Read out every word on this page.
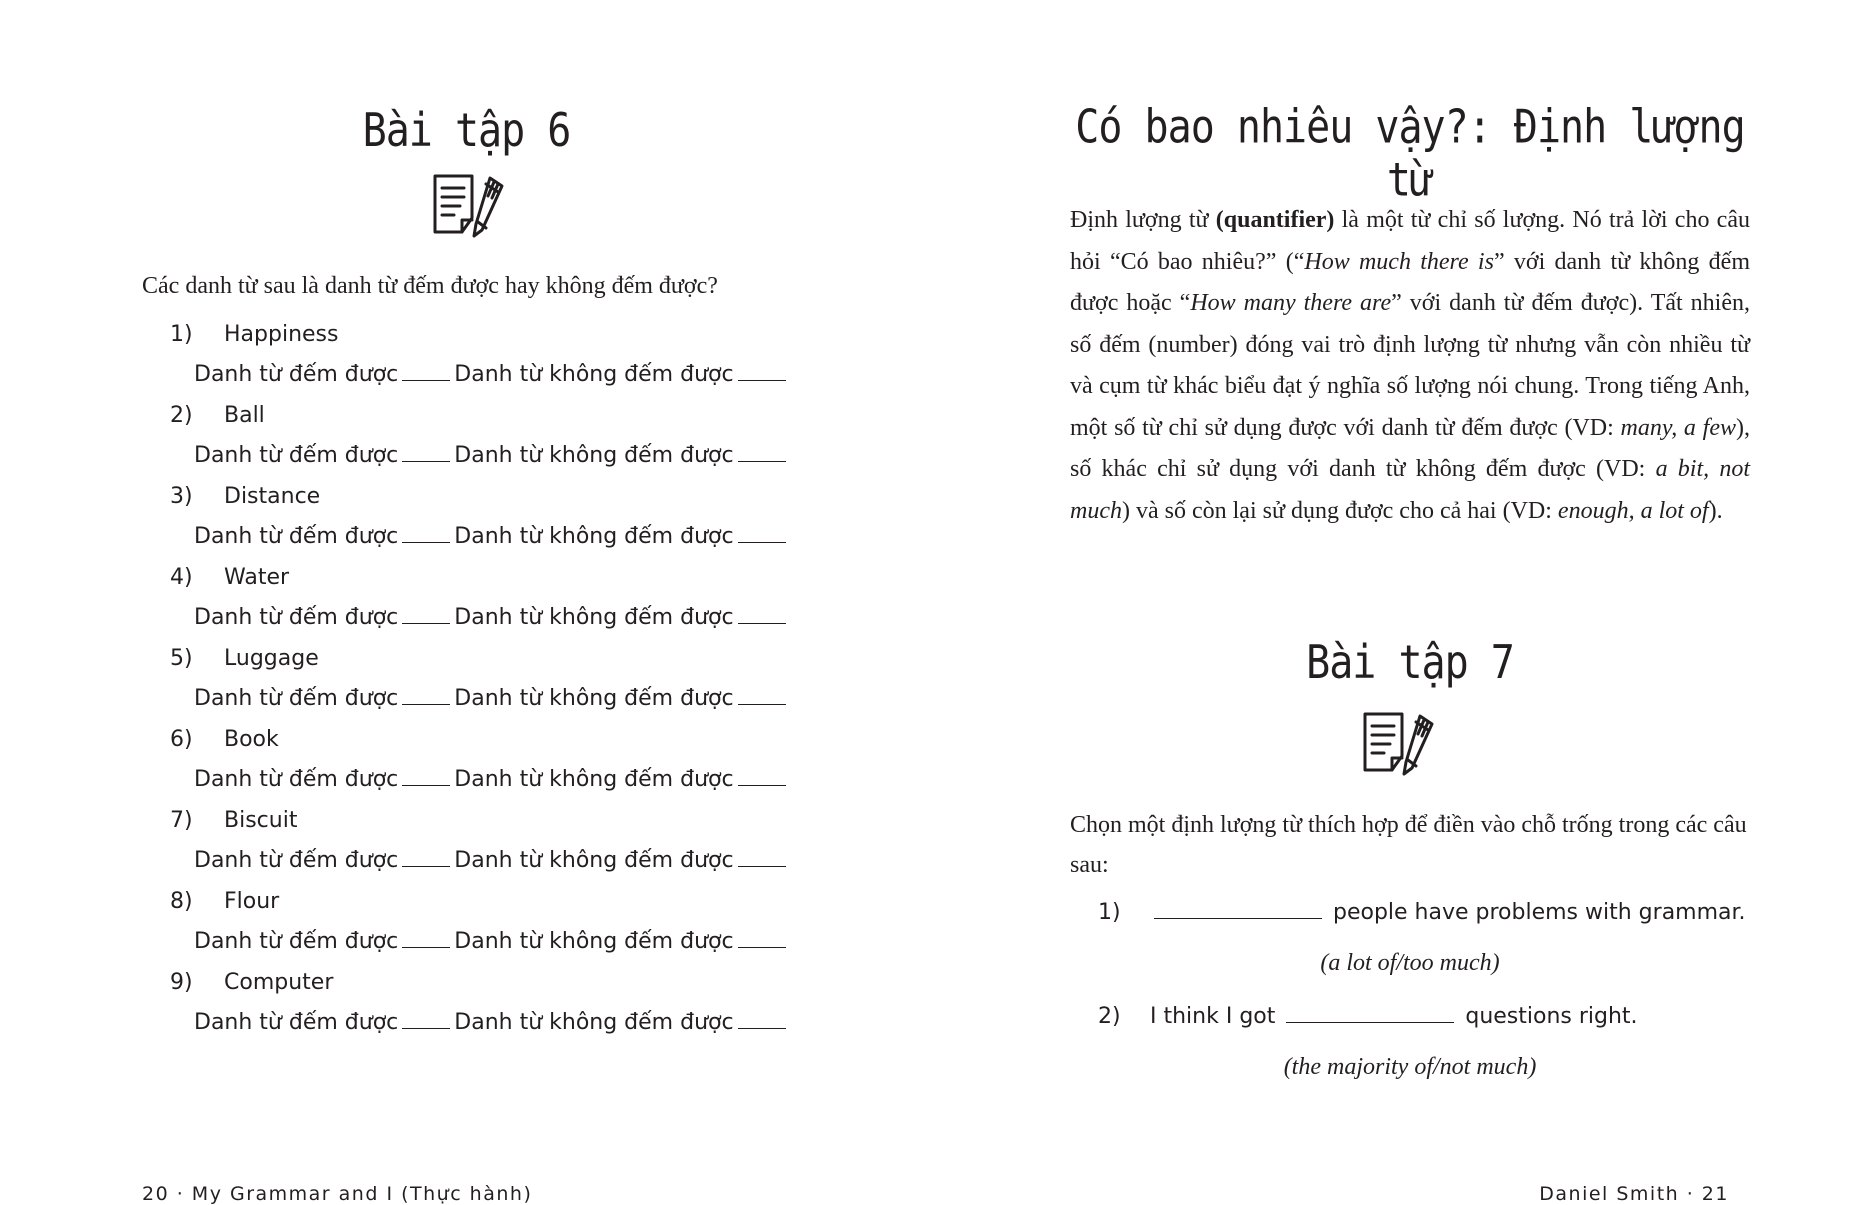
Bài tập 6

Các danh từ sau là danh từ đếm được hay không đếm được?

1) Happiness
Danh từ đếm được	Danh từ không đếm được
2) Ball
Danh từ đếm được	Danh từ không đếm được
3) Distance
Danh từ đếm được	Danh từ không đếm được
4) Water
Danh từ đếm được	Danh từ không đếm được
5) Luggage
Danh từ đếm được	Danh từ không đếm được
6) Book
Danh từ đếm được	Danh từ không đếm được
7) Biscuit
Danh từ đếm được	Danh từ không đếm được
8) Flour
Danh từ đếm được	Danh từ không đếm được
9) Computer
Danh từ đếm được	Danh từ không đếm được
20 · My Grammar and I (Thực hành)
Có bao nhiêu vậy?: Định lượng từ

Định lượng từ (quantifier) là một từ chỉ số lượng. Nó trả lời cho câu hỏi “Có bao nhiêu?” (“How much there is” với danh từ không đếm được hoặc “How many there are” với danh từ đếm được). Tất nhiên, số đếm (number) đóng vai trò định lượng từ nhưng vẫn còn nhiều từ và cụm từ khác biểu đạt ý nghĩa số lượng nói chung. Trong tiếng Anh, một số từ chỉ sử dụng được với danh từ đếm được (VD: many, a few), số khác chỉ sử dụng với danh từ không đếm được (VD: a bit, not much) và số còn lại sử dụng được cho cả hai (VD: enough, a lot of).

Bài tập 7

Chọn một định lượng từ thích hợp để điền vào chỗ trống trong các câu sau:

1)	people have problems with grammar.
(a lot of/too much)
2) I think I got	questions right.
(the majority of/not much)
Daniel Smith · 21
